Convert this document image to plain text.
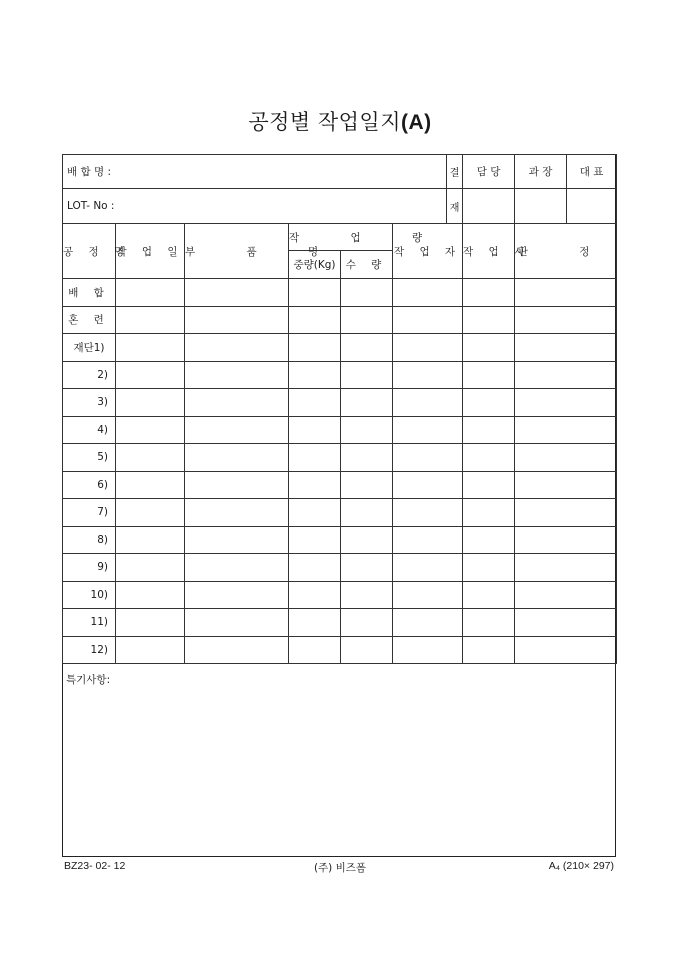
공정별 작업일지(A)
배 합 명 :						결	담 당	과 장	대 표
LOT- No :						재			
공 정 명	작 업 일	부 품 명	작 업 량		작 업 자		작 업 시	판 정	
			중량(Kg)	수 량					
배 합									
혼 련									
재단1)									
2)									
3)									
4)									
5)									
6)									
7)									
8)									
9)									
10)									
11)									
12)									
특기사항:
BZ23- 02- 12	(주) 비즈폼	A₄ (210× 297)
